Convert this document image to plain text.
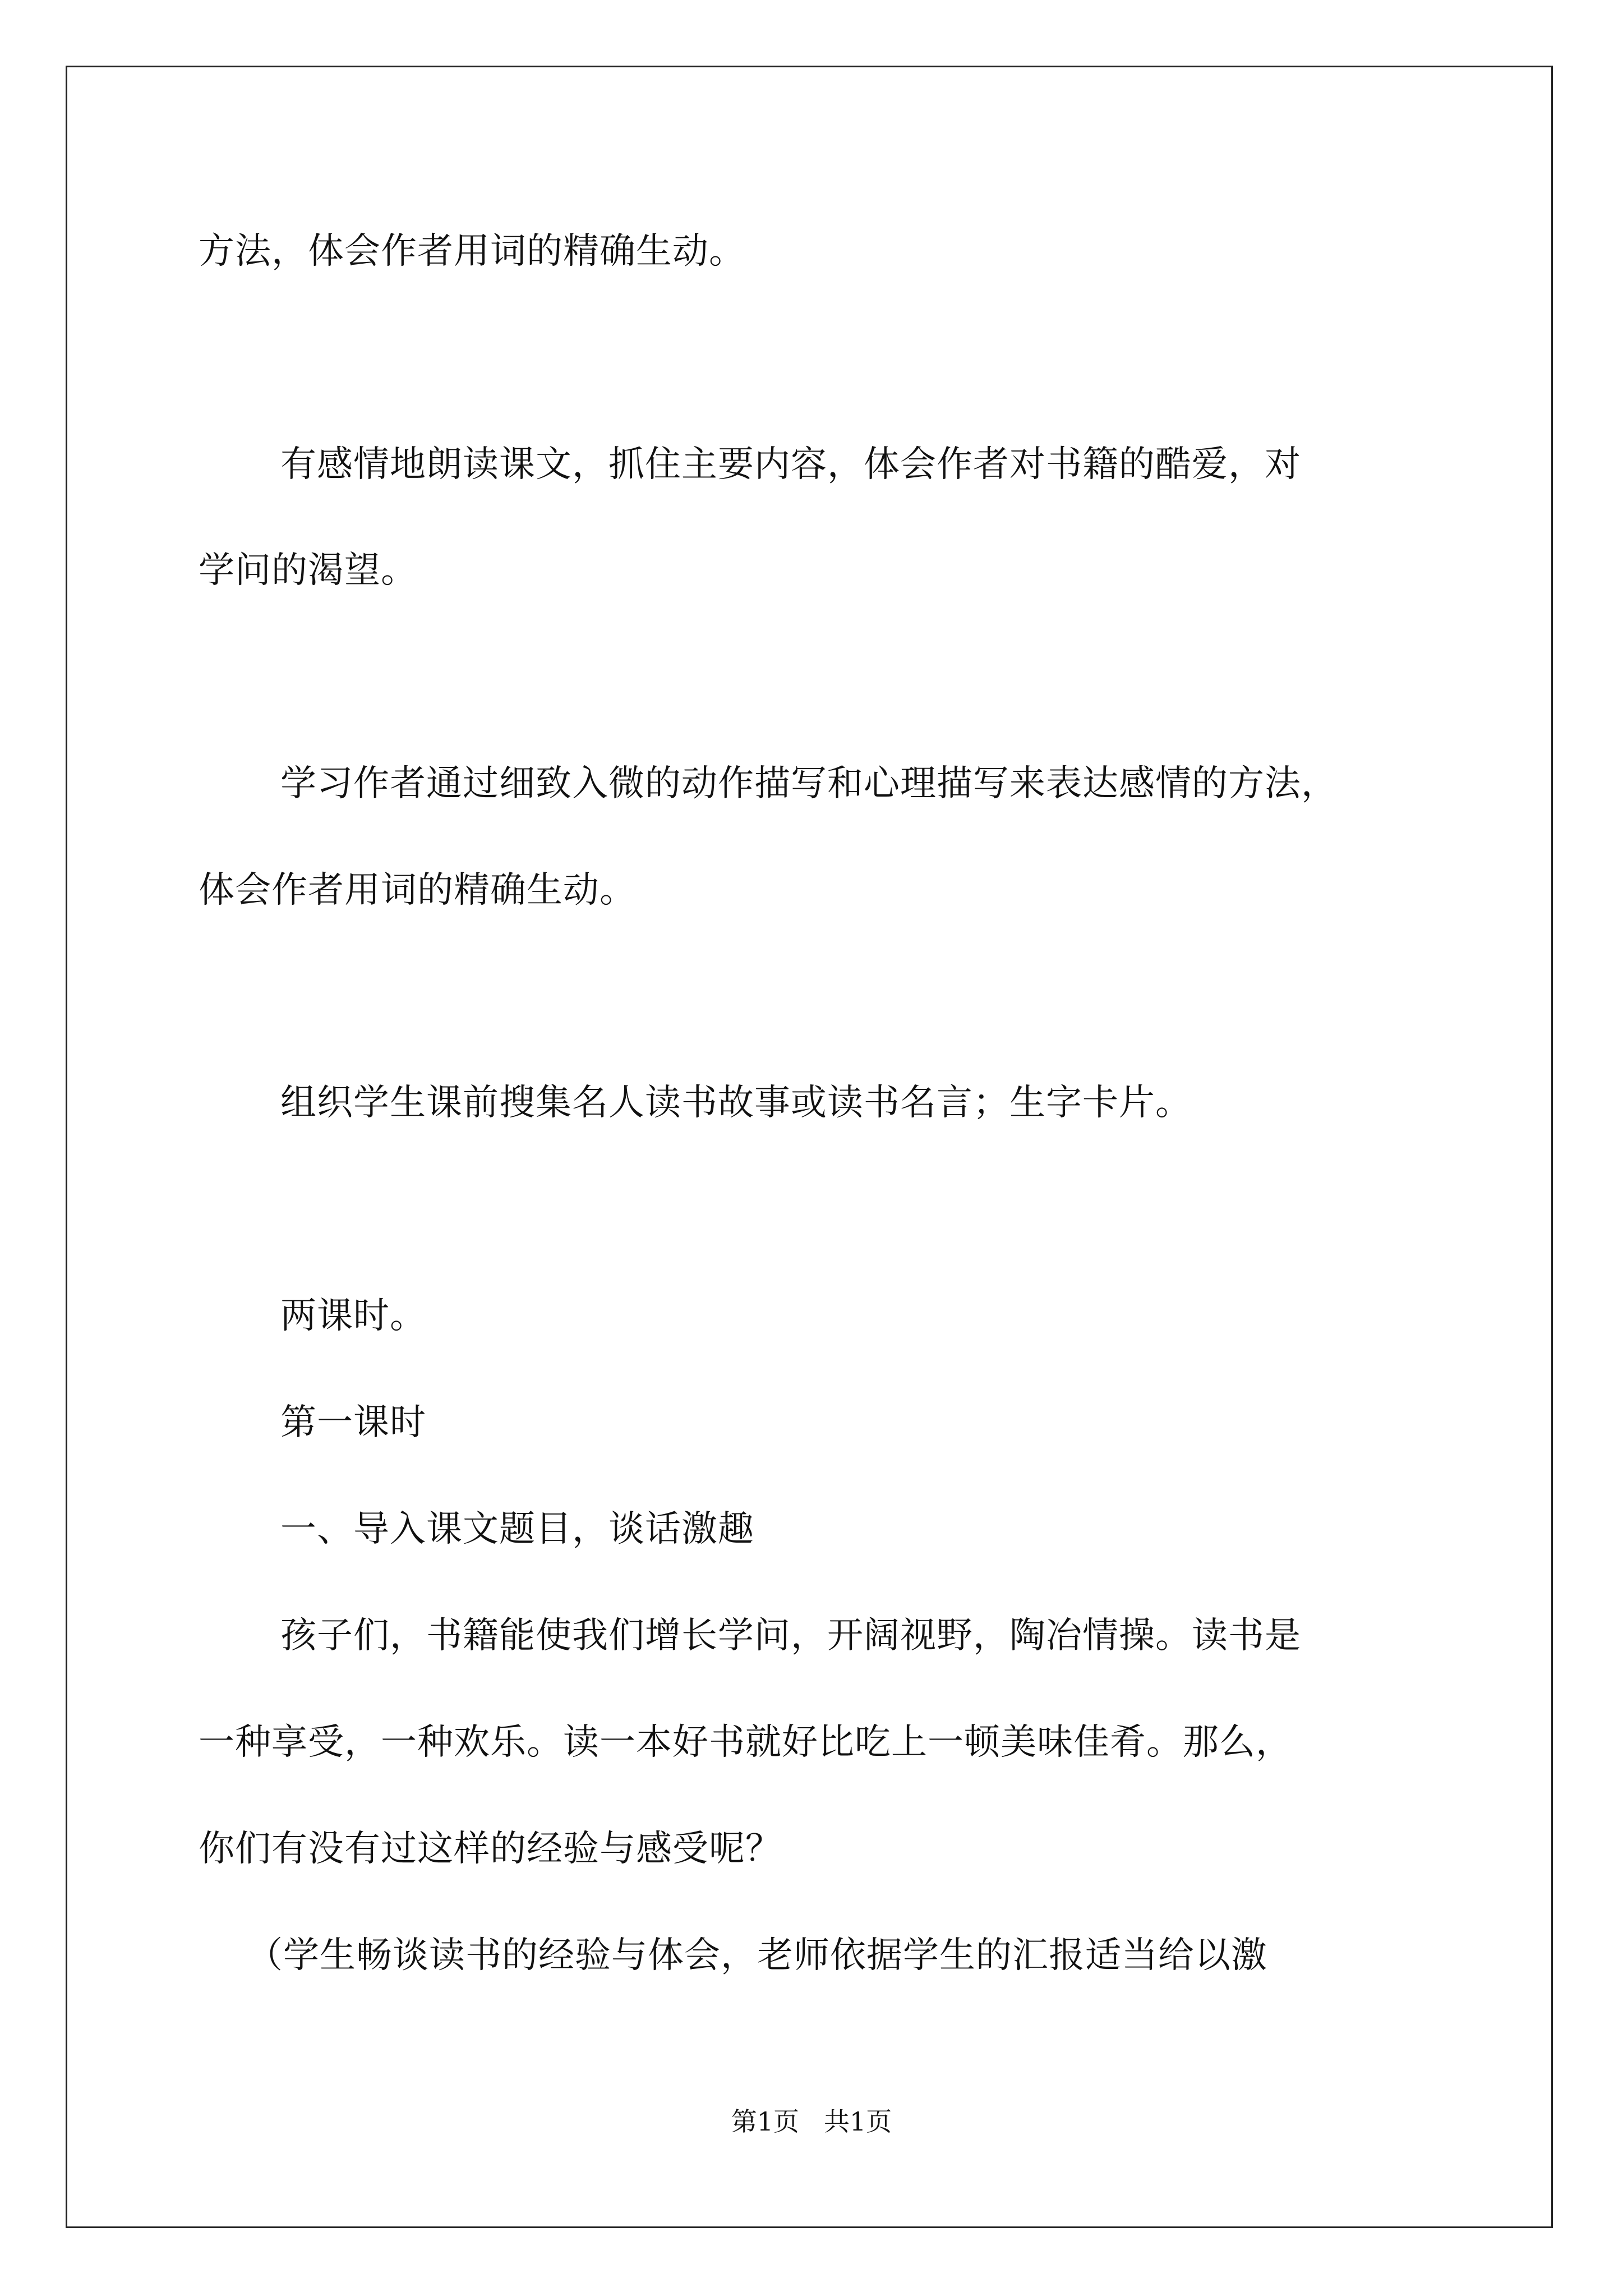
方法，体会作者用词的精确生动。
有感情地朗读课文，抓住主要内容，体会作者对书籍的酷爱，对
学问的渴望。
学习作者通过细致入微的动作描写和心理描写来表达感情的方法，
体会作者用词的精确生动。
组织学生课前搜集名人读书故事或读书名言；生字卡片。
两课时。
第一课时
一、导入课文题目，谈话激趣
孩子们，书籍能使我们增长学问，开阔视野，陶冶情操。读书是
一种享受，一种欢乐。读一本好书就好比吃上一顿美味佳肴。那么，
你们有没有过这样的经验与感受呢？
（学生畅谈读书的经验与体会，老师依据学生的汇报适当给以激
第1页 共1页
